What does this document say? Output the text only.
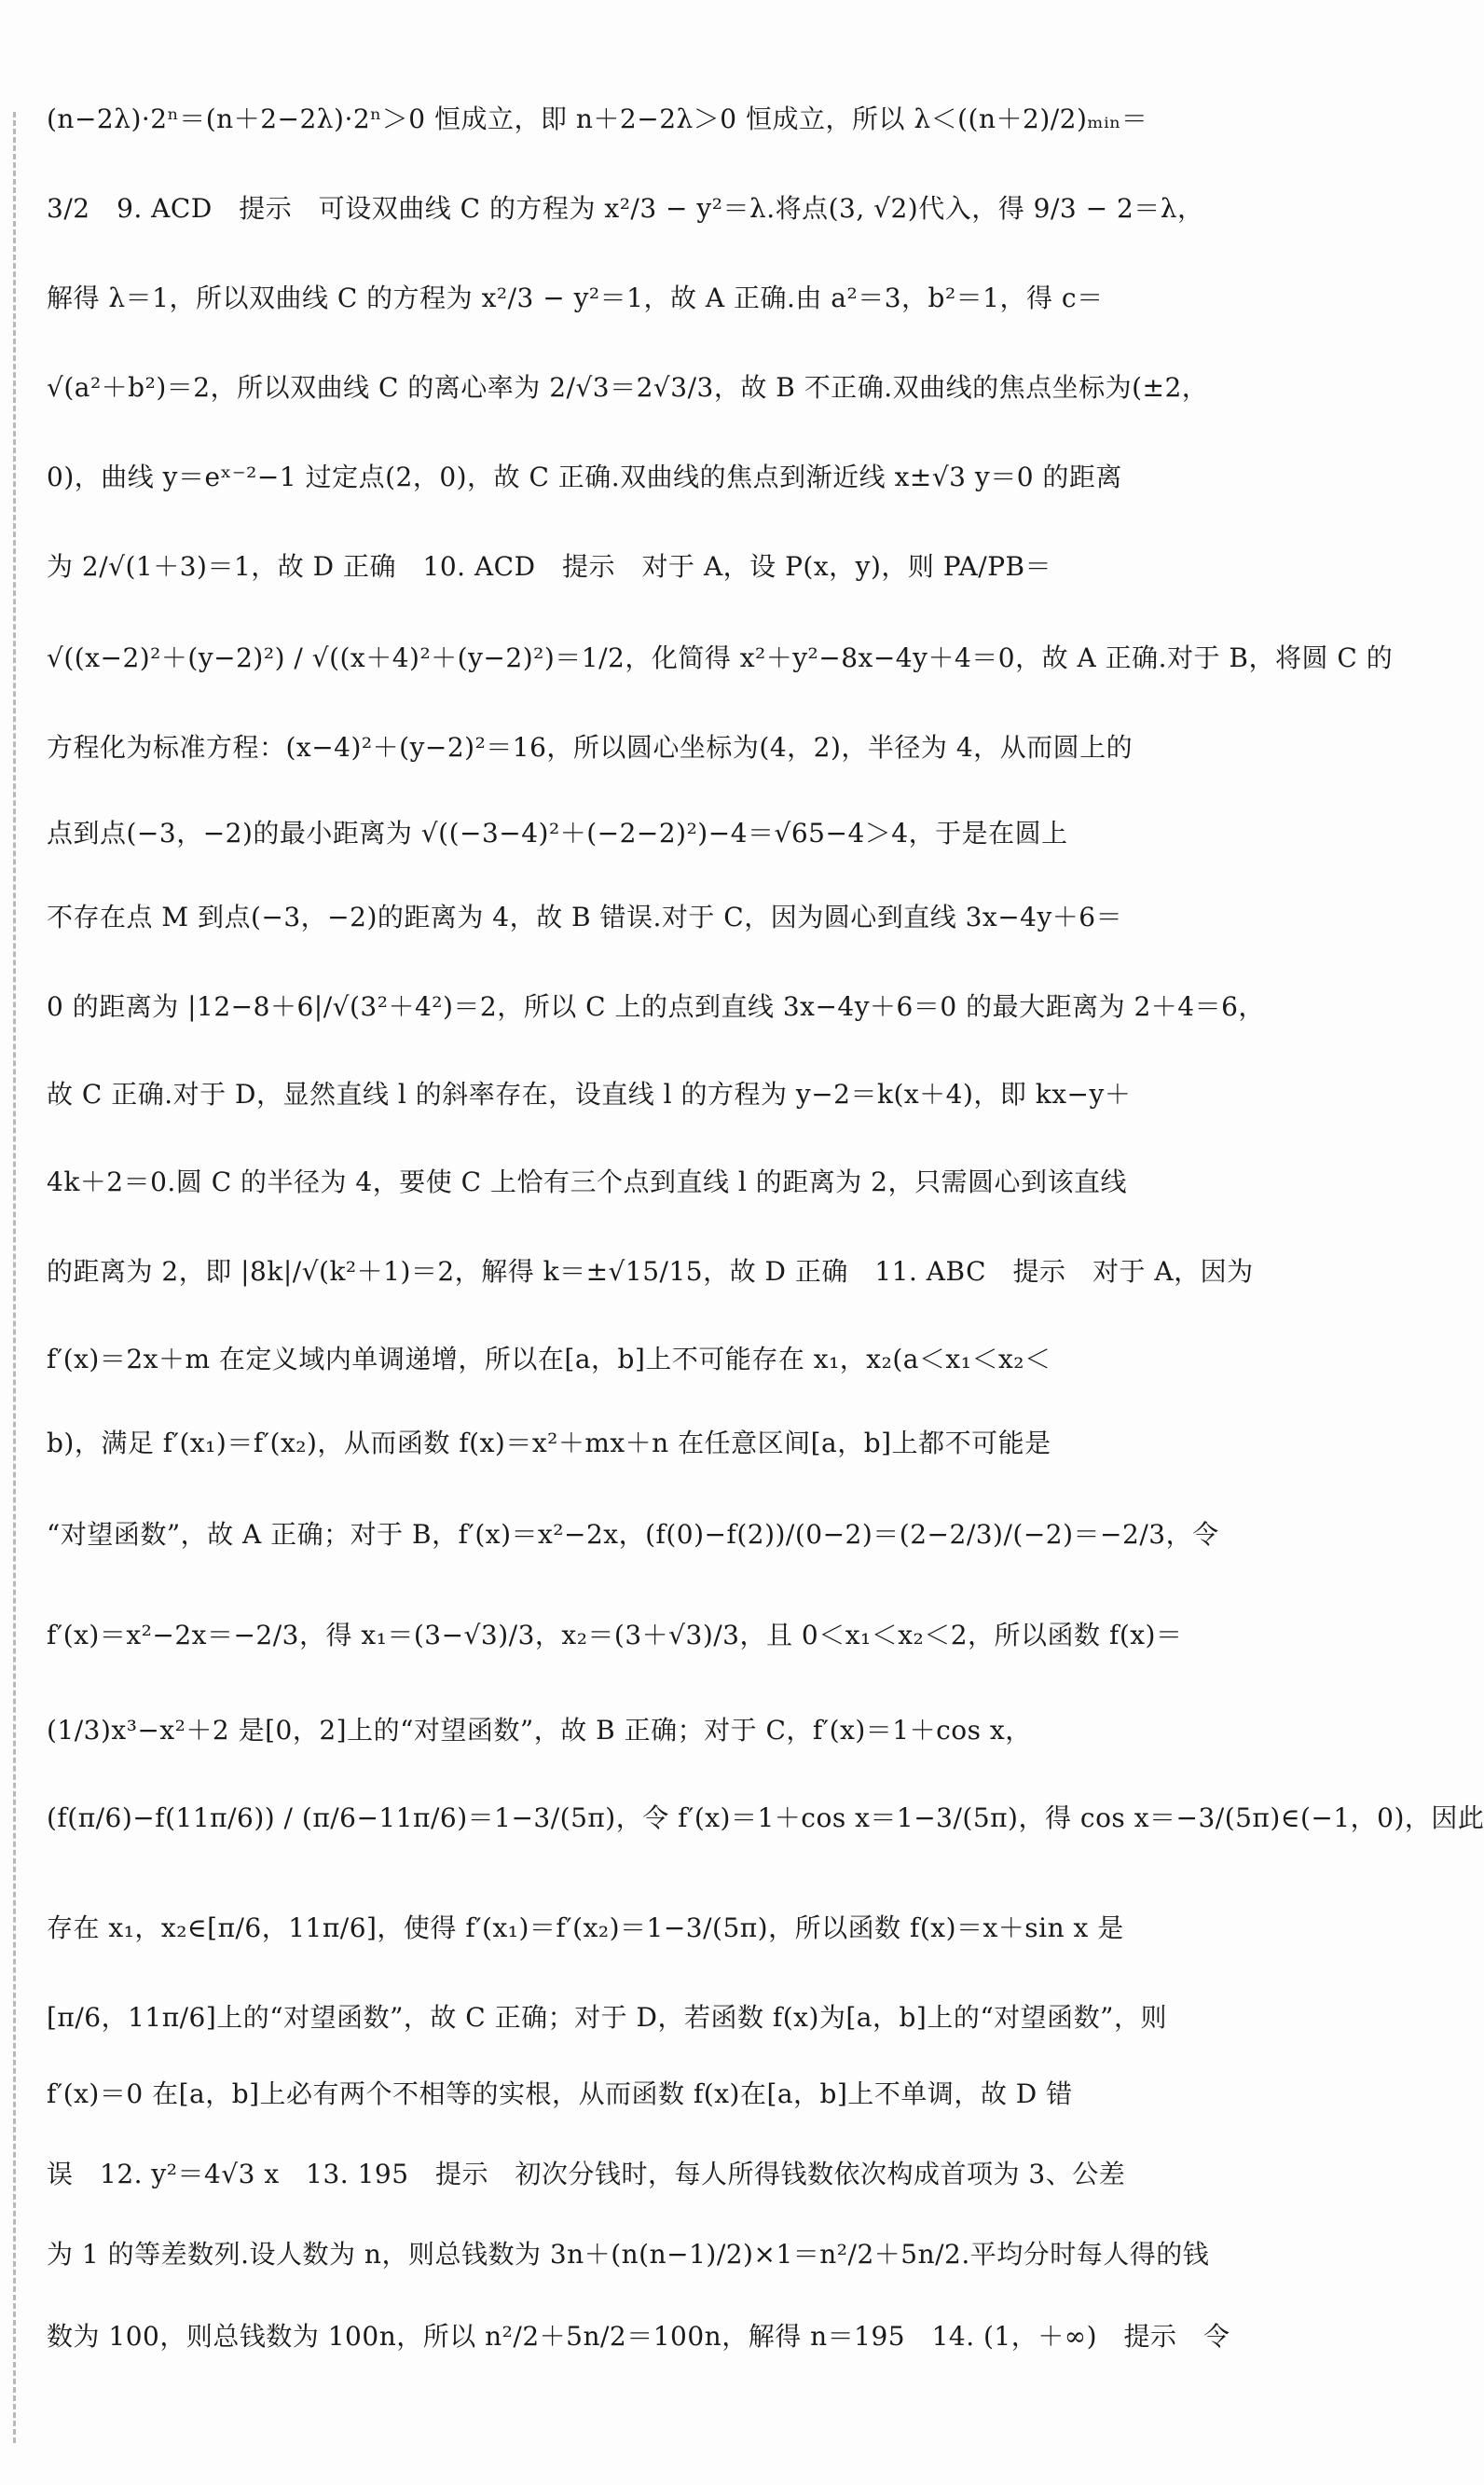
(n−2λ)·2ⁿ＝(n＋2−2λ)·2ⁿ＞0 恒成立，即 n＋2−2λ＞0 恒成立，所以 λ＜((n＋2)/2)ₘᵢₙ＝
3/2　9. ACD　提示　可设双曲线 C 的方程为 x²/3 − y²＝λ.将点(3, √2)代入，得 9/3 − 2＝λ，
解得 λ＝1，所以双曲线 C 的方程为 x²/3 − y²＝1，故 A 正确.由 a²＝3，b²＝1，得 c＝
√(a²＋b²)＝2，所以双曲线 C 的离心率为 2/√3＝2√3/3，故 B 不正确.双曲线的焦点坐标为(±2，
0)，曲线 y＝eˣ⁻²−1 过定点(2，0)，故 C 正确.双曲线的焦点到渐近线 x±√3 y＝0 的距离
为 2/√(1＋3)＝1，故 D 正确　10. ACD　提示　对于 A，设 P(x，y)，则 PA/PB＝
√((x−2)²＋(y−2)²) / √((x＋4)²＋(y−2)²)＝1/2，化简得 x²＋y²−8x−4y＋4＝0，故 A 正确.对于 B，将圆 C 的
方程化为标准方程：(x−4)²＋(y−2)²＝16，所以圆心坐标为(4，2)，半径为 4，从而圆上的
点到点(−3，−2)的最小距离为 √((−3−4)²＋(−2−2)²)−4＝√65−4＞4，于是在圆上
不存在点 M 到点(−3，−2)的距离为 4，故 B 错误.对于 C，因为圆心到直线 3x−4y＋6＝
0 的距离为 |12−8＋6|/√(3²＋4²)＝2，所以 C 上的点到直线 3x−4y＋6＝0 的最大距离为 2＋4＝6，
故 C 正确.对于 D，显然直线 l 的斜率存在，设直线 l 的方程为 y−2＝k(x＋4)，即 kx−y＋
4k＋2＝0.圆 C 的半径为 4，要使 C 上恰有三个点到直线 l 的距离为 2，只需圆心到该直线
的距离为 2，即 |8k|/√(k²＋1)＝2，解得 k＝±√15/15，故 D 正确　11. ABC　提示　对于 A，因为
f′(x)＝2x＋m 在定义域内单调递增，所以在[a，b]上不可能存在 x₁，x₂(a＜x₁＜x₂＜
b)，满足 f′(x₁)＝f′(x₂)，从而函数 f(x)＝x²＋mx＋n 在任意区间[a，b]上都不可能是
“对望函数”，故 A 正确；对于 B，f′(x)＝x²−2x，(f(0)−f(2))/(0−2)＝(2−2/3)/(−2)＝−2/3，令
f′(x)＝x²−2x＝−2/3，得 x₁＝(3−√3)/3，x₂＝(3＋√3)/3，且 0＜x₁＜x₂＜2，所以函数 f(x)＝
(1/3)x³−x²＋2 是[0，2]上的“对望函数”，故 B 正确；对于 C，f′(x)＝1＋cos x，
(f(π/6)−f(11π/6)) / (π/6−11π/6)＝1−3/(5π)，令 f′(x)＝1＋cos x＝1−3/(5π)，得 cos x＝−3/(5π)∈(−1，0)，因此
存在 x₁，x₂∈[π/6，11π/6]，使得 f′(x₁)＝f′(x₂)＝1−3/(5π)，所以函数 f(x)＝x＋sin x 是
[π/6，11π/6]上的“对望函数”，故 C 正确；对于 D，若函数 f(x)为[a，b]上的“对望函数”，则
f′(x)＝0 在[a，b]上必有两个不相等的实根，从而函数 f(x)在[a，b]上不单调，故 D 错
误　12. y²＝4√3 x　13. 195　提示　初次分钱时，每人所得钱数依次构成首项为 3、公差
为 1 的等差数列.设人数为 n，则总钱数为 3n＋(n(n−1)/2)×1＝n²/2＋5n/2.平均分时每人得的钱
数为 100，则总钱数为 100n，所以 n²/2＋5n/2＝100n，解得 n＝195　14. (1，＋∞)　提示　令
